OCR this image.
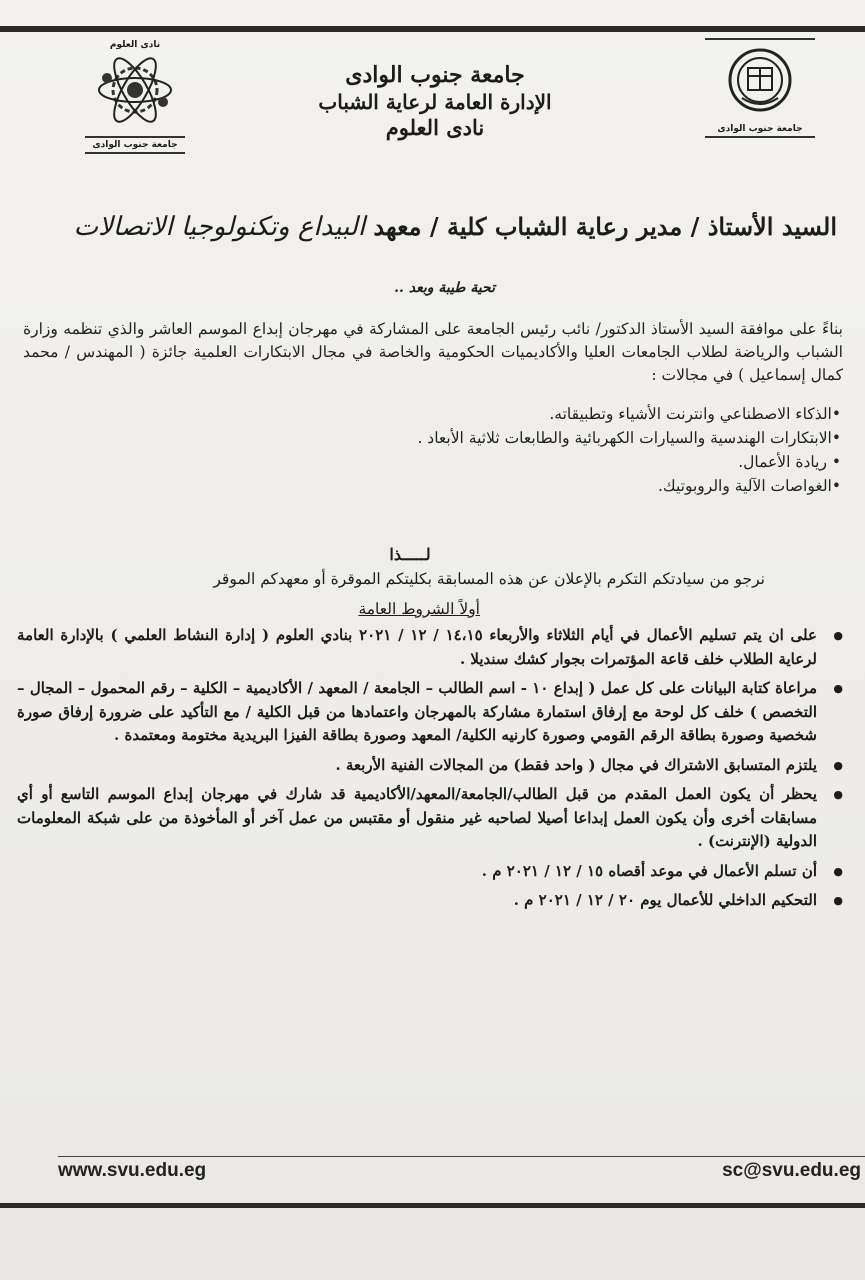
نادى العلوم
جامعة جنوب الوادى
جامعة جنوب الوادى
الإدارة العامة لرعاية الشباب
نادى العلوم	جامعة جنوب الوادى
السيد الأستاذ / مدير رعاية الشباب كلية / معهد البيداع وتكنولوجيا الاتصالات
تحية طيبة وبعد ..
بناءً على موافقة السيد الأستاذ الدكتور/ نائب رئيس الجامعة على المشاركة في مهرجان إبداع الموسم العاشر والذي تنظمه وزارة الشباب والرياضة لطلاب الجامعات العليا والأكاديميات الحكومية والخاصة في مجال الابتكارات العلمية جائزة ( المهندس / محمد كمال إسماعيل ) في مجالات :
•الذكاء الاصطناعي وانترنت الأشياء وتطبيقاته.
•الابتكارات الهندسية والسيارات الكهربائية والطابعات ثلاثية الأبعاد .
• ريادة الأعمال.
•الغواصات الآلية والروبوتيك.
لـــــذا
نرجو من سيادتكم التكرم بالإعلان عن هذه المسابقة بكليتكم الموقرة أو معهدكم الموقر
أولاً الشروط العامة
● على ان يتم تسليم الأعمال في أيام الثلاثاء والأربعاء ١٤،١٥ / ١٢ / ٢٠٢١ بنادي العلوم ( إدارة النشاط العلمي ) بالإدارة العامة لرعاية الطلاب خلف قاعة المؤتمرات بجوار كشك سنديلا .
● مراعاة كتابة البيانات على كل عمل ( إبداع ١٠ - اسم الطالب – الجامعة / المعهد / الأكاديمية – الكلية – رقم المحمول – المجال – التخصص ) خلف كل لوحة مع إرفاق استمارة مشاركة بالمهرجان واعتمادها من قبل الكلية / مع التأكيد على ضرورة إرفاق صورة شخصية وصورة بطاقة الرقم القومي وصورة كارنيه الكلية/ المعهد وصورة بطاقة الفيزا البريدية مختومة ومعتمدة .
● يلتزم المتسابق الاشتراك في مجال ( واحد فقط) من المجالات الفنية الأربعة .
● يحظر أن يكون العمل المقدم من قبل الطالب/الجامعة/المعهد/الأكاديمية قد شارك في مهرجان إبداع الموسم التاسع أو أي مسابقات أخرى وأن يكون العمل إبداعا أصيلا لصاحبه غير منقول أو مقتبس من عمل آخر أو المأخوذة من على شبكة المعلومات الدولية (الإنترنت) .
● أن تسلم الأعمال في موعد أقصاه ١٥ / ١٢ / ٢٠٢١ م .
● التحكيم الداخلي للأعمال يوم ٢٠ / ١٢ / ٢٠٢١ م .
www.svu.edu.eg	sc@svu.edu.eg
